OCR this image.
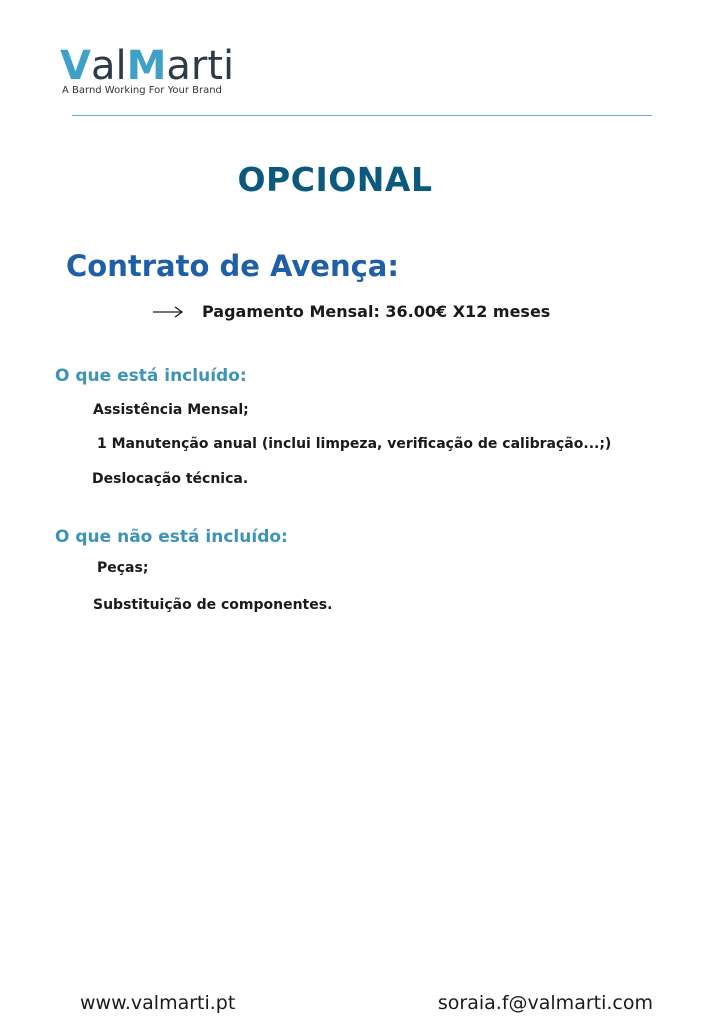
ValMarti
A Barnd Working For Your Brand
OPCIONAL
Contrato de Avença:
Pagamento Mensal: 36.00€ X12 meses
O que está incluído:
Assistência Mensal;
1 Manutenção anual (inclui limpeza, verificação de calibração...;)
Deslocação técnica.
O que não está incluído:
Peças;
Substituição de componentes.
www.valmarti.pt	soraia.f@valmarti.com
